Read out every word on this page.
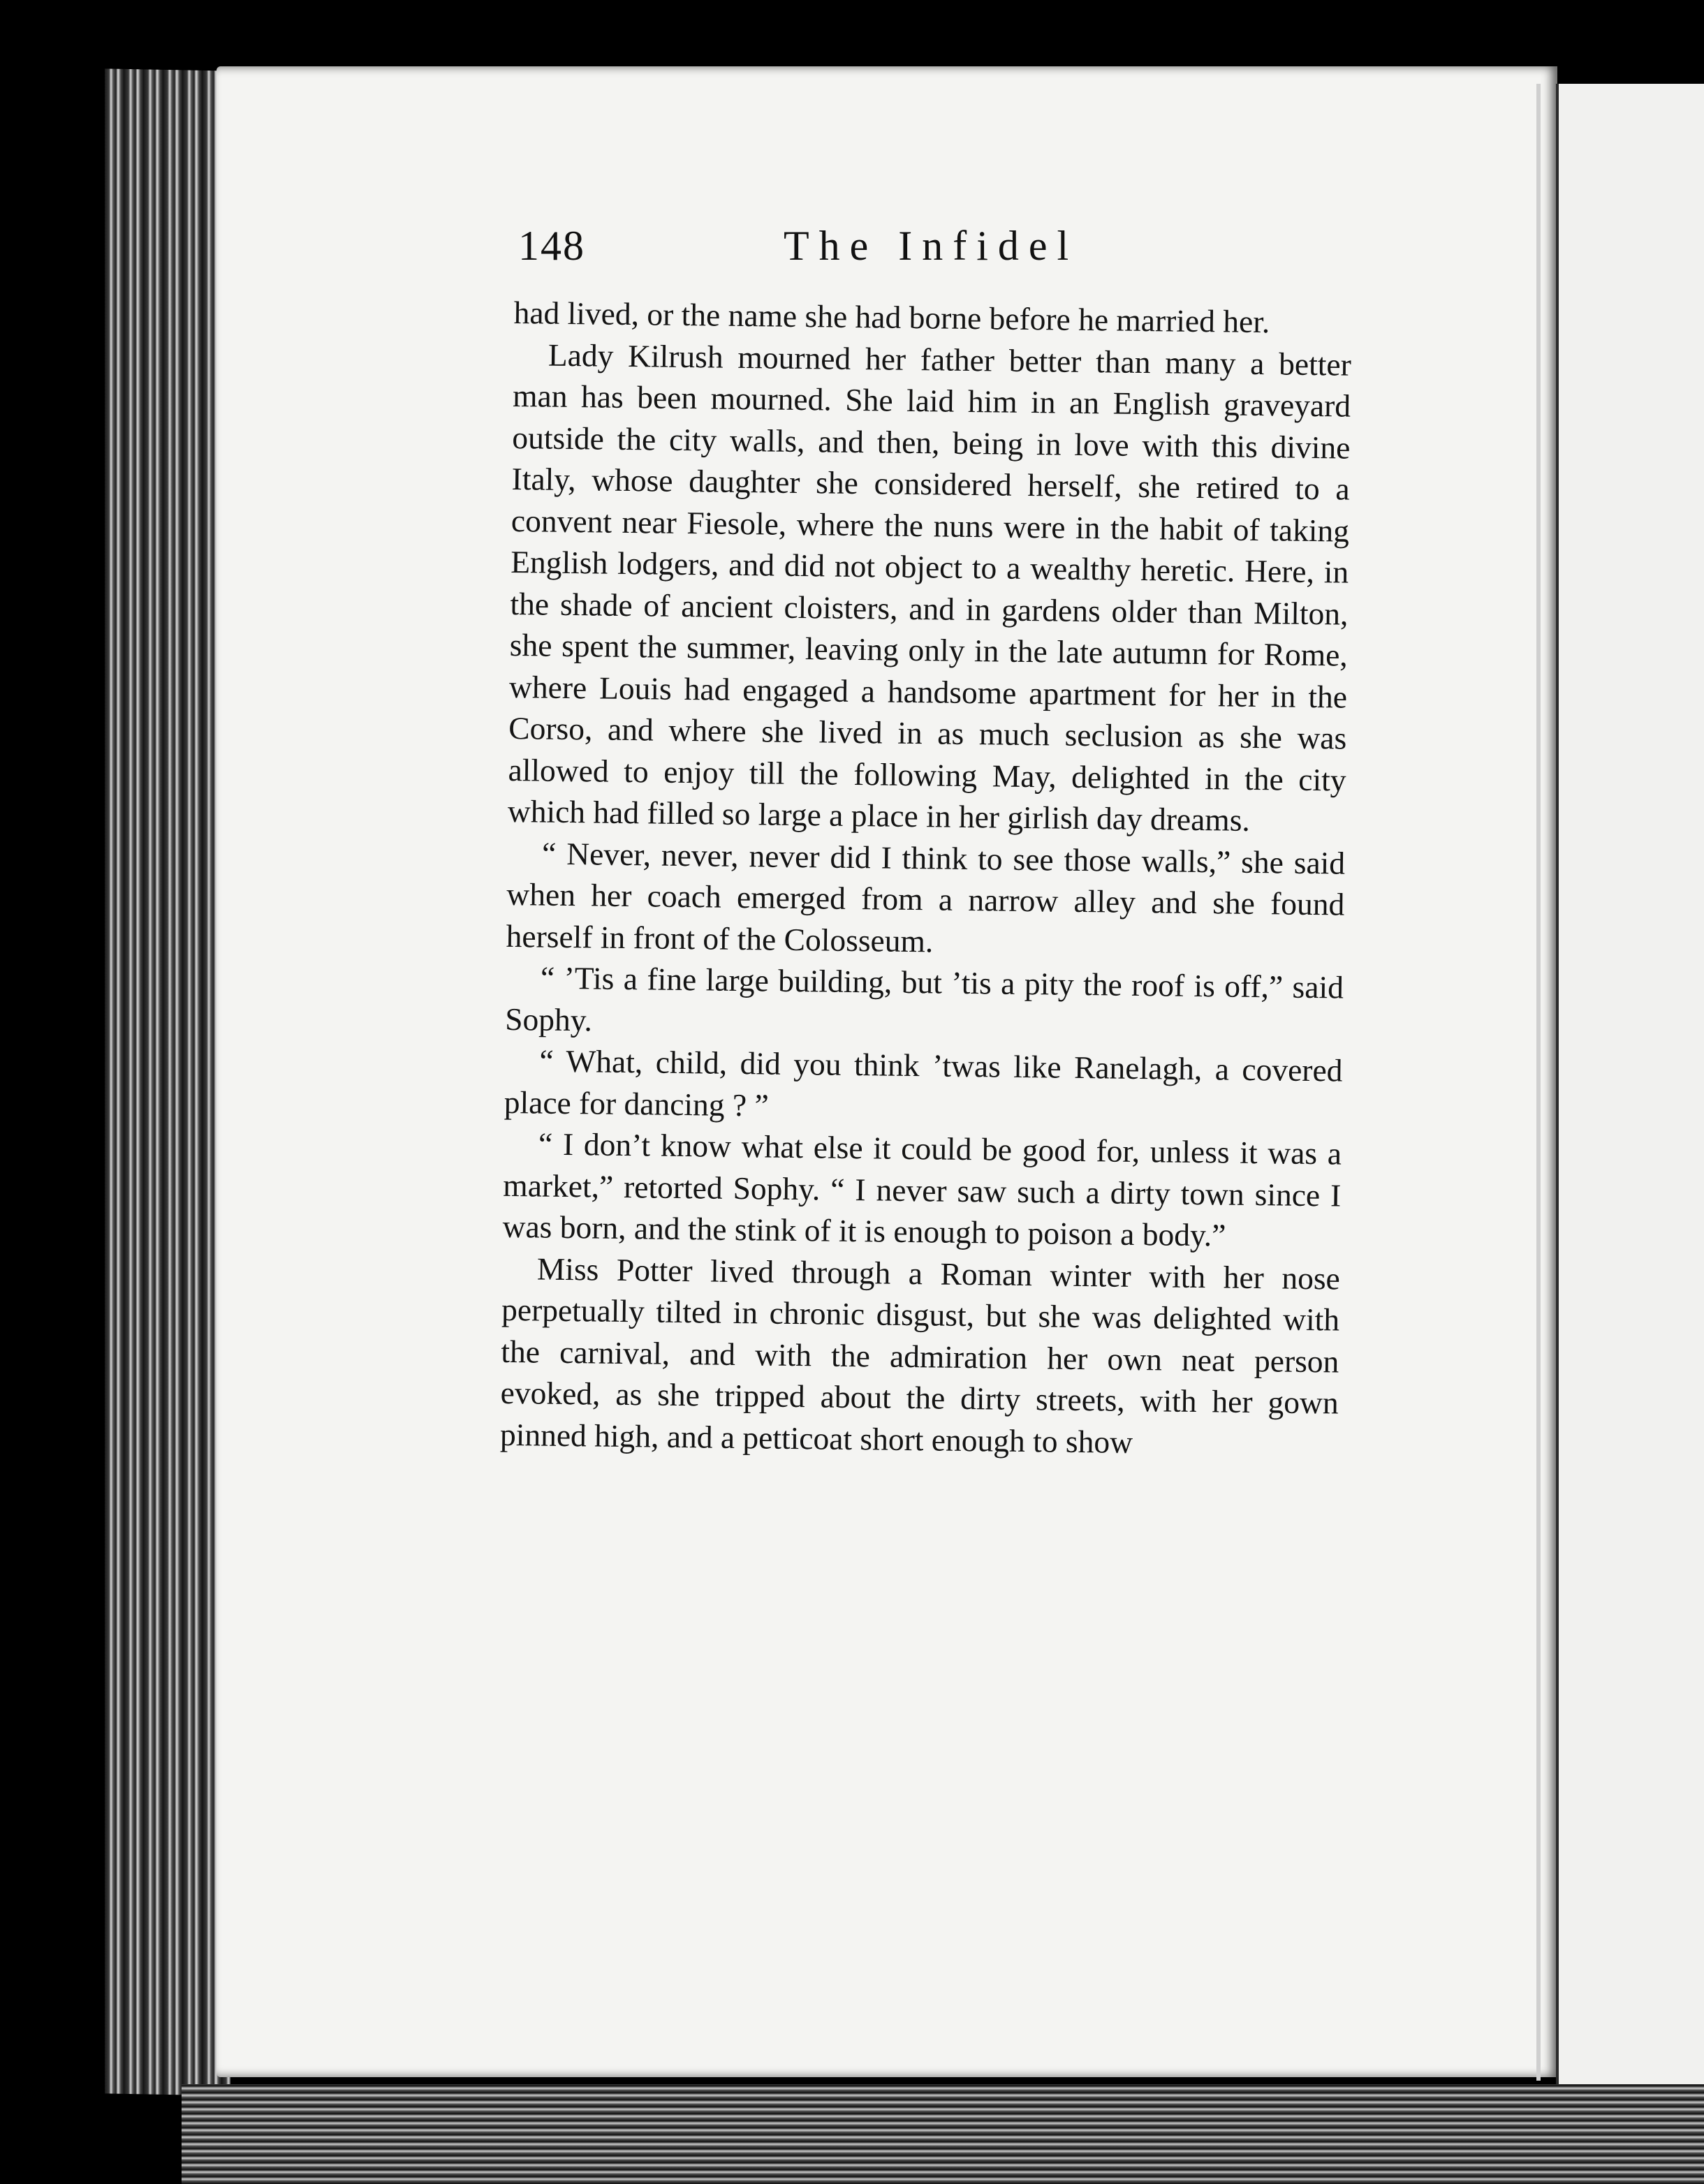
148	The Infidel

had lived, or the name she had borne before he married her.

Lady Kilrush mourned her father better than many a better man has been mourned. She laid him in an English graveyard outside the city walls, and then, being in love with this divine Italy, whose daughter she considered herself, she retired to a convent near Fiesole, where the nuns were in the habit of taking English lodgers, and did not object to a wealthy heretic. Here, in the shade of ancient cloisters, and in gardens older than Milton, she spent the summer, leaving only in the late autumn for Rome, where Louis had engaged a handsome apartment for her in the Corso, and where she lived in as much seclusion as she was allowed to enjoy till the following May, delighted in the city which had filled so large a place in her girlish day dreams.

“ Never, never, never did I think to see those walls,” she said when her coach emerged from a narrow alley and she found herself in front of the Colosseum.

“ ’Tis a fine large building, but ’tis a pity the roof is off,” said Sophy.

“ What, child, did you think ’twas like Ranelagh, a covered place for dancing ? ”

“ I don’t know what else it could be good for, unless it was a market,” retorted Sophy. “ I never saw such a dirty town since I was born, and the stink of it is enough to poison a body.”

Miss Potter lived through a Roman winter with her nose perpetually tilted in chronic disgust, but she was delighted with the carnival, and with the admiration her own neat person evoked, as she tripped about the dirty streets, with her gown pinned high, and a petticoat short enough to show
